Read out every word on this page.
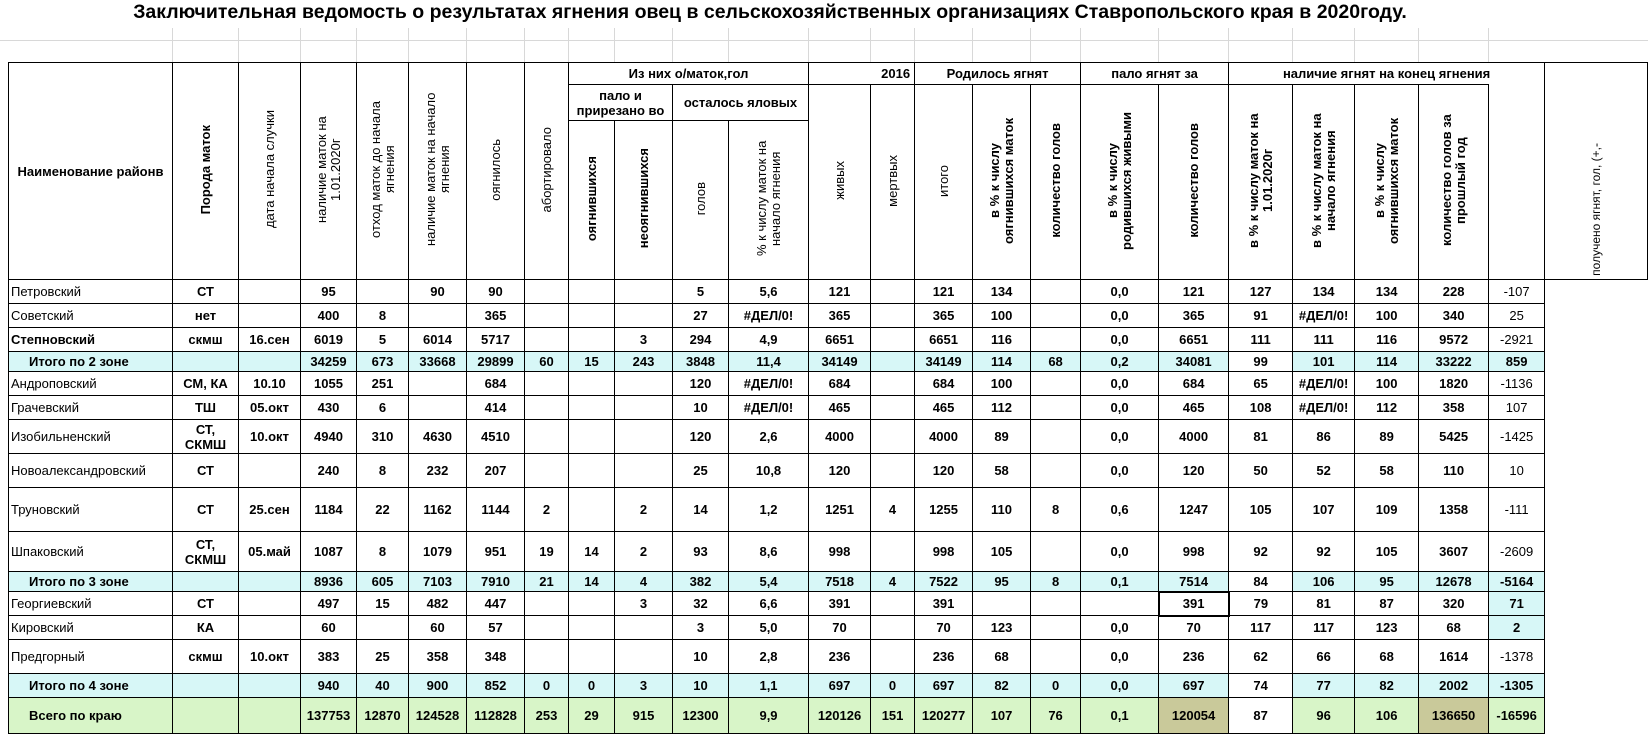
Заключительная ведомость о результатах ягнения овец в сельскохозяйственных организациях Ставропольского края в 2020году.
Наименование районв	Порода маток	дата начала случки	наличие маток на 1.01.2020г	отход маток до начала ягнения	наличие маток на начало ягнения	оягнилось	абортировало	Из них о/маток,гол				2016		Родилось ягнят			пало ягнят за		наличие ягнят на конец ягнения					получено ягнят, гол, (+,-
								пало и прирезано во		осталось яловых		живых	мертвых	итого	в % к числу оягнившихся маток	количество голов	в % к числу родившихся живыми	количество голов	в % к числу маток на 1.01.2020г	в % к числу маток на начало ягнения	в % к числу оягнившихся маток	количество голов за прошлый год		
								оягнившихся	неоягнившихся	голов	% к числу маток на начало ягнения													
Петровский	СТ		95		90	90				5	5,6	121		121	134		0,0	121	127	134	134	228	-107	
Советский	нет		400	8		365				27	#ДЕЛ/0!	365		365	100		0,0	365	91	#ДЕЛ/0!	100	340	25	
Степновский	скмш	16.сен	6019	5	6014	5717			3	294	4,9	6651		6651	116		0,0	6651	111	111	116	9572	-2921	
Итого по 2 зоне			34259	673	33668	29899	60	15	243	3848	11,4	34149		34149	114	68	0,2	34081	99	101	114	33222	859	
Андроповский	СМ, КА	10.10	1055	251		684				120	#ДЕЛ/0!	684		684	100		0,0	684	65	#ДЕЛ/0!	100	1820	-1136	
Грачевский	ТШ	05.окт	430	6		414				10	#ДЕЛ/0!	465		465	112		0,0	465	108	#ДЕЛ/0!	112	358	107	
Изобильненский	СТ, СКМШ	10.окт	4940	310	4630	4510				120	2,6	4000		4000	89		0,0	4000	81	86	89	5425	-1425	
Новоалександровский	СТ		240	8	232	207				25	10,8	120		120	58		0,0	120	50	52	58	110	10	
Труновский	СТ	25.сен	1184	22	1162	1144	2		2	14	1,2	1251	4	1255	110	8	0,6	1247	105	107	109	1358	-111	
Шпаковский	СТ, СКМШ	05.май	1087	8	1079	951	19	14	2	93	8,6	998		998	105		0,0	998	92	92	105	3607	-2609	
Итого по 3 зоне			8936	605	7103	7910	21	14	4	382	5,4	7518	4	7522	95	8	0,1	7514	84	106	95	12678	-5164	
Георгиевский	СТ		497	15	482	447			3	32	6,6	391		391				391	79	81	87	320	71	
Кировский	КА		60		60	57				3	5,0	70		70	123		0,0	70	117	117	123	68	2	
Предгорный	скмш	10.окт	383	25	358	348				10	2,8	236		236	68		0,0	236	62	66	68	1614	-1378	
Итого по 4 зоне			940	40	900	852	0	0	3	10	1,1	697	0	697	82	0	0,0	697	74	77	82	2002	-1305	
Всего по краю			137753	12870	124528	112828	253	29	915	12300	9,9	120126	151	120277	107	76	0,1	120054	87	96	106	136650	-16596	
